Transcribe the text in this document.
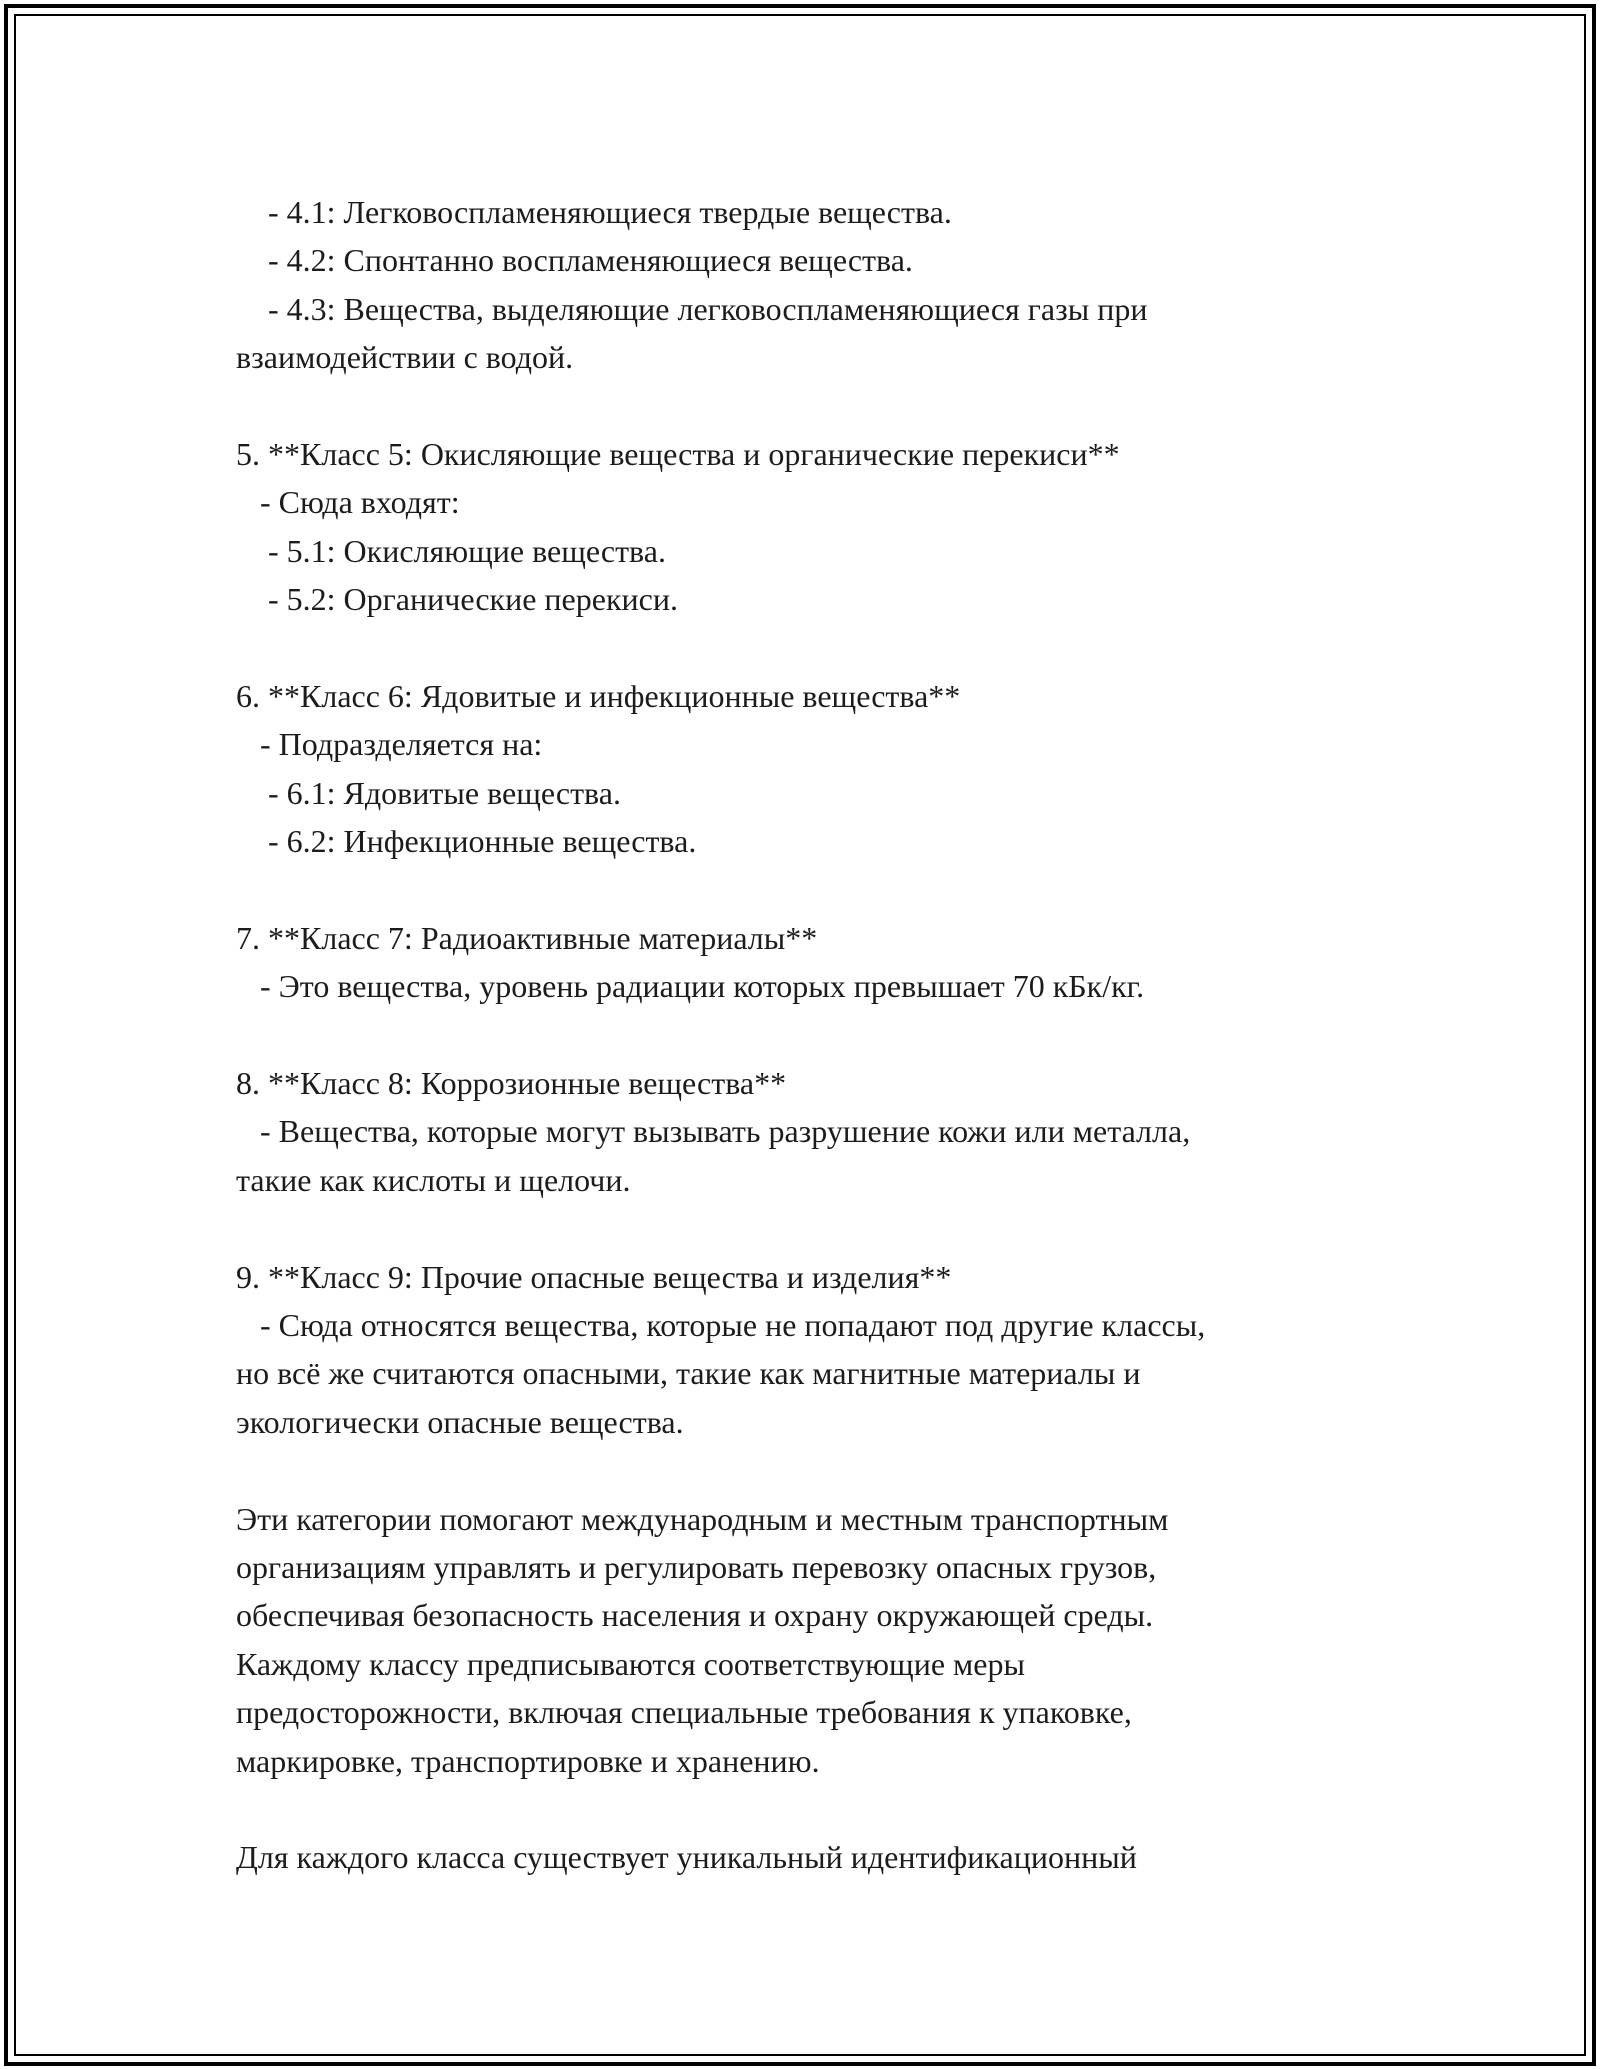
- 4.1: Легковоспламеняющиеся твердые вещества.
- 4.2: Спонтанно воспламеняющиеся вещества.
- 4.3: Вещества, выделяющие легковоспламеняющиеся газы при
взаимодействии с водой.
5. **Класс 5: Окисляющие вещества и органические перекиси**
- Сюда входят:
- 5.1: Окисляющие вещества.
- 5.2: Органические перекиси.
6. **Класс 6: Ядовитые и инфекционные вещества**
- Подразделяется на:
- 6.1: Ядовитые вещества.
- 6.2: Инфекционные вещества.
7. **Класс 7: Радиоактивные материалы**
- Это вещества, уровень радиации которых превышает 70 кБк/кг.
8. **Класс 8: Коррозионные вещества**
- Вещества, которые могут вызывать разрушение кожи или металла,
такие как кислоты и щелочи.
9. **Класс 9: Прочие опасные вещества и изделия**
- Сюда относятся вещества, которые не попадают под другие классы,
но всё же считаются опасными, такие как магнитные материалы и
экологически опасные вещества.
Эти категории помогают международным и местным транспортным
организациям управлять и регулировать перевозку опасных грузов,
обеспечивая безопасность населения и охрану окружающей среды.
Каждому классу предписываются соответствующие меры
предосторожности, включая специальные требования к упаковке,
маркировке, транспортировке и хранению.
Для каждого класса существует уникальный идентификационный
